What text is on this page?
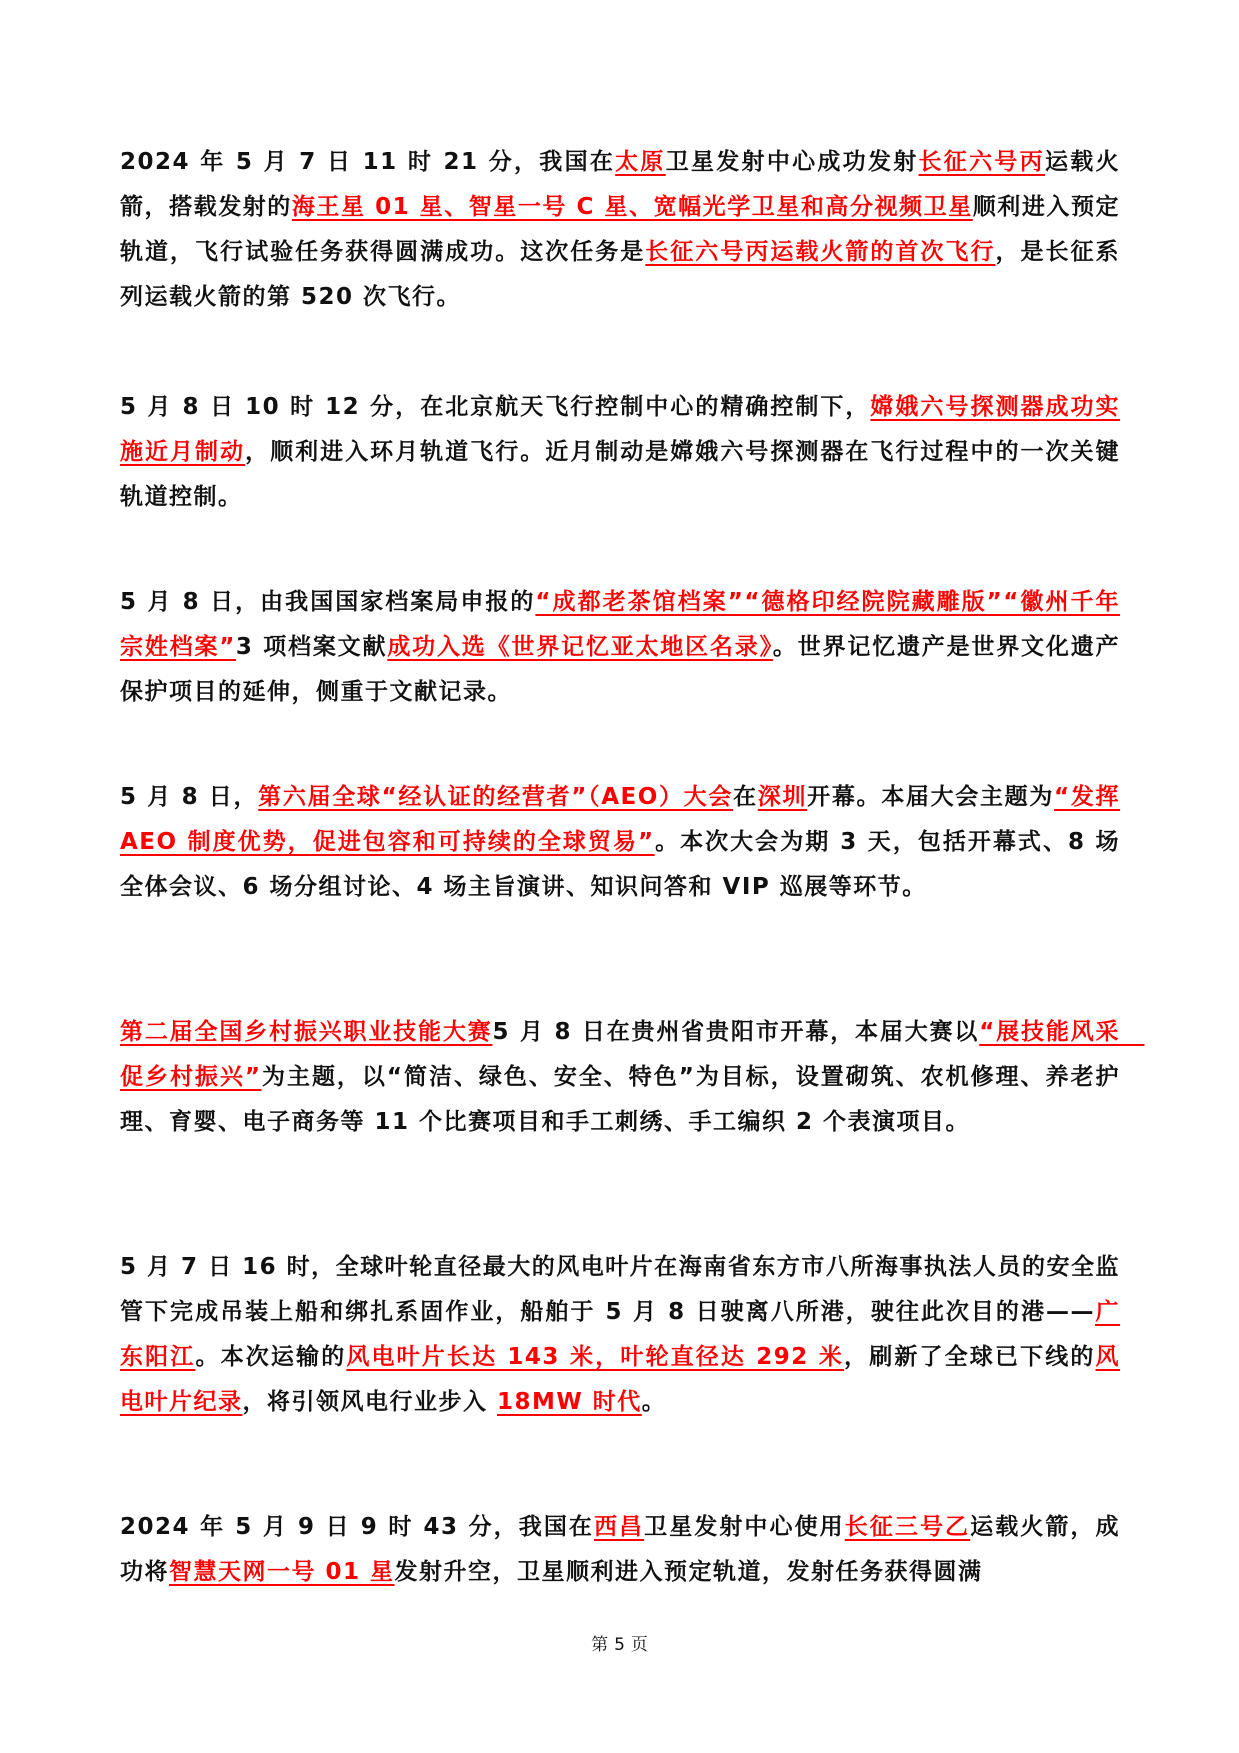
2024 年 5 月 7 日 11 时 21 分，我国在太原卫星发射中心成功发射长征六号丙运载火箭，搭载发射的海王星 01 星、智星一号 C 星、宽幅光学卫星和高分视频卫星顺利进入预定轨道，飞行试验任务获得圆满成功。这次任务是长征六号丙运载火箭的首次飞行，是长征系列运载火箭的第 520 次飞行。

5 月 8 日 10 时 12 分，在北京航天飞行控制中心的精确控制下，嫦娥六号探测器成功实施近月制动，顺利进入环月轨道飞行。近月制动是嫦娥六号探测器在飞行过程中的一次关键轨道控制。

5 月 8 日，由我国国家档案局申报的“成都老茶馆档案”“德格印经院院藏雕版”“徽州千年宗姓档案”3 项档案文献成功入选《世界记忆亚太地区名录》。世界记忆遗产是世界文化遗产保护项目的延伸，侧重于文献记录。

5 月 8 日，第六届全球“经认证的经营者”（AEO）大会在深圳开幕。本届大会主题为“发挥 AEO 制度优势，促进包容和可持续的全球贸易”。本次大会为期 3 天，包括开幕式、8 场全体会议、6 场分组讨论、4 场主旨演讲、知识问答和 VIP 巡展等环节。

第二届全国乡村振兴职业技能大赛5 月 8 日在贵州省贵阳市开幕，本届大赛以“展技能风采　促乡村振兴”为主题，以“简洁、绿色、安全、特色”为目标，设置砌筑、农机修理、养老护理、育婴、电子商务等 11 个比赛项目和手工刺绣、手工编织 2 个表演项目。

5 月 7 日 16 时，全球叶轮直径最大的风电叶片在海南省东方市八所海事执法人员的安全监管下完成吊装上船和绑扎系固作业，船舶于 5 月 8 日驶离八所港，驶往此次目的港——广东阳江。本次运输的风电叶片长达 143 米，叶轮直径达 292 米，刷新了全球已下线的风电叶片纪录，将引领风电行业步入 18MW 时代。

2024 年 5 月 9 日 9 时 43 分，我国在西昌卫星发射中心使用长征三号乙运载火箭，成功将智慧天网一号 01 星发射升空，卫星顺利进入预定轨道，发射任务获得圆满

第 5 页
